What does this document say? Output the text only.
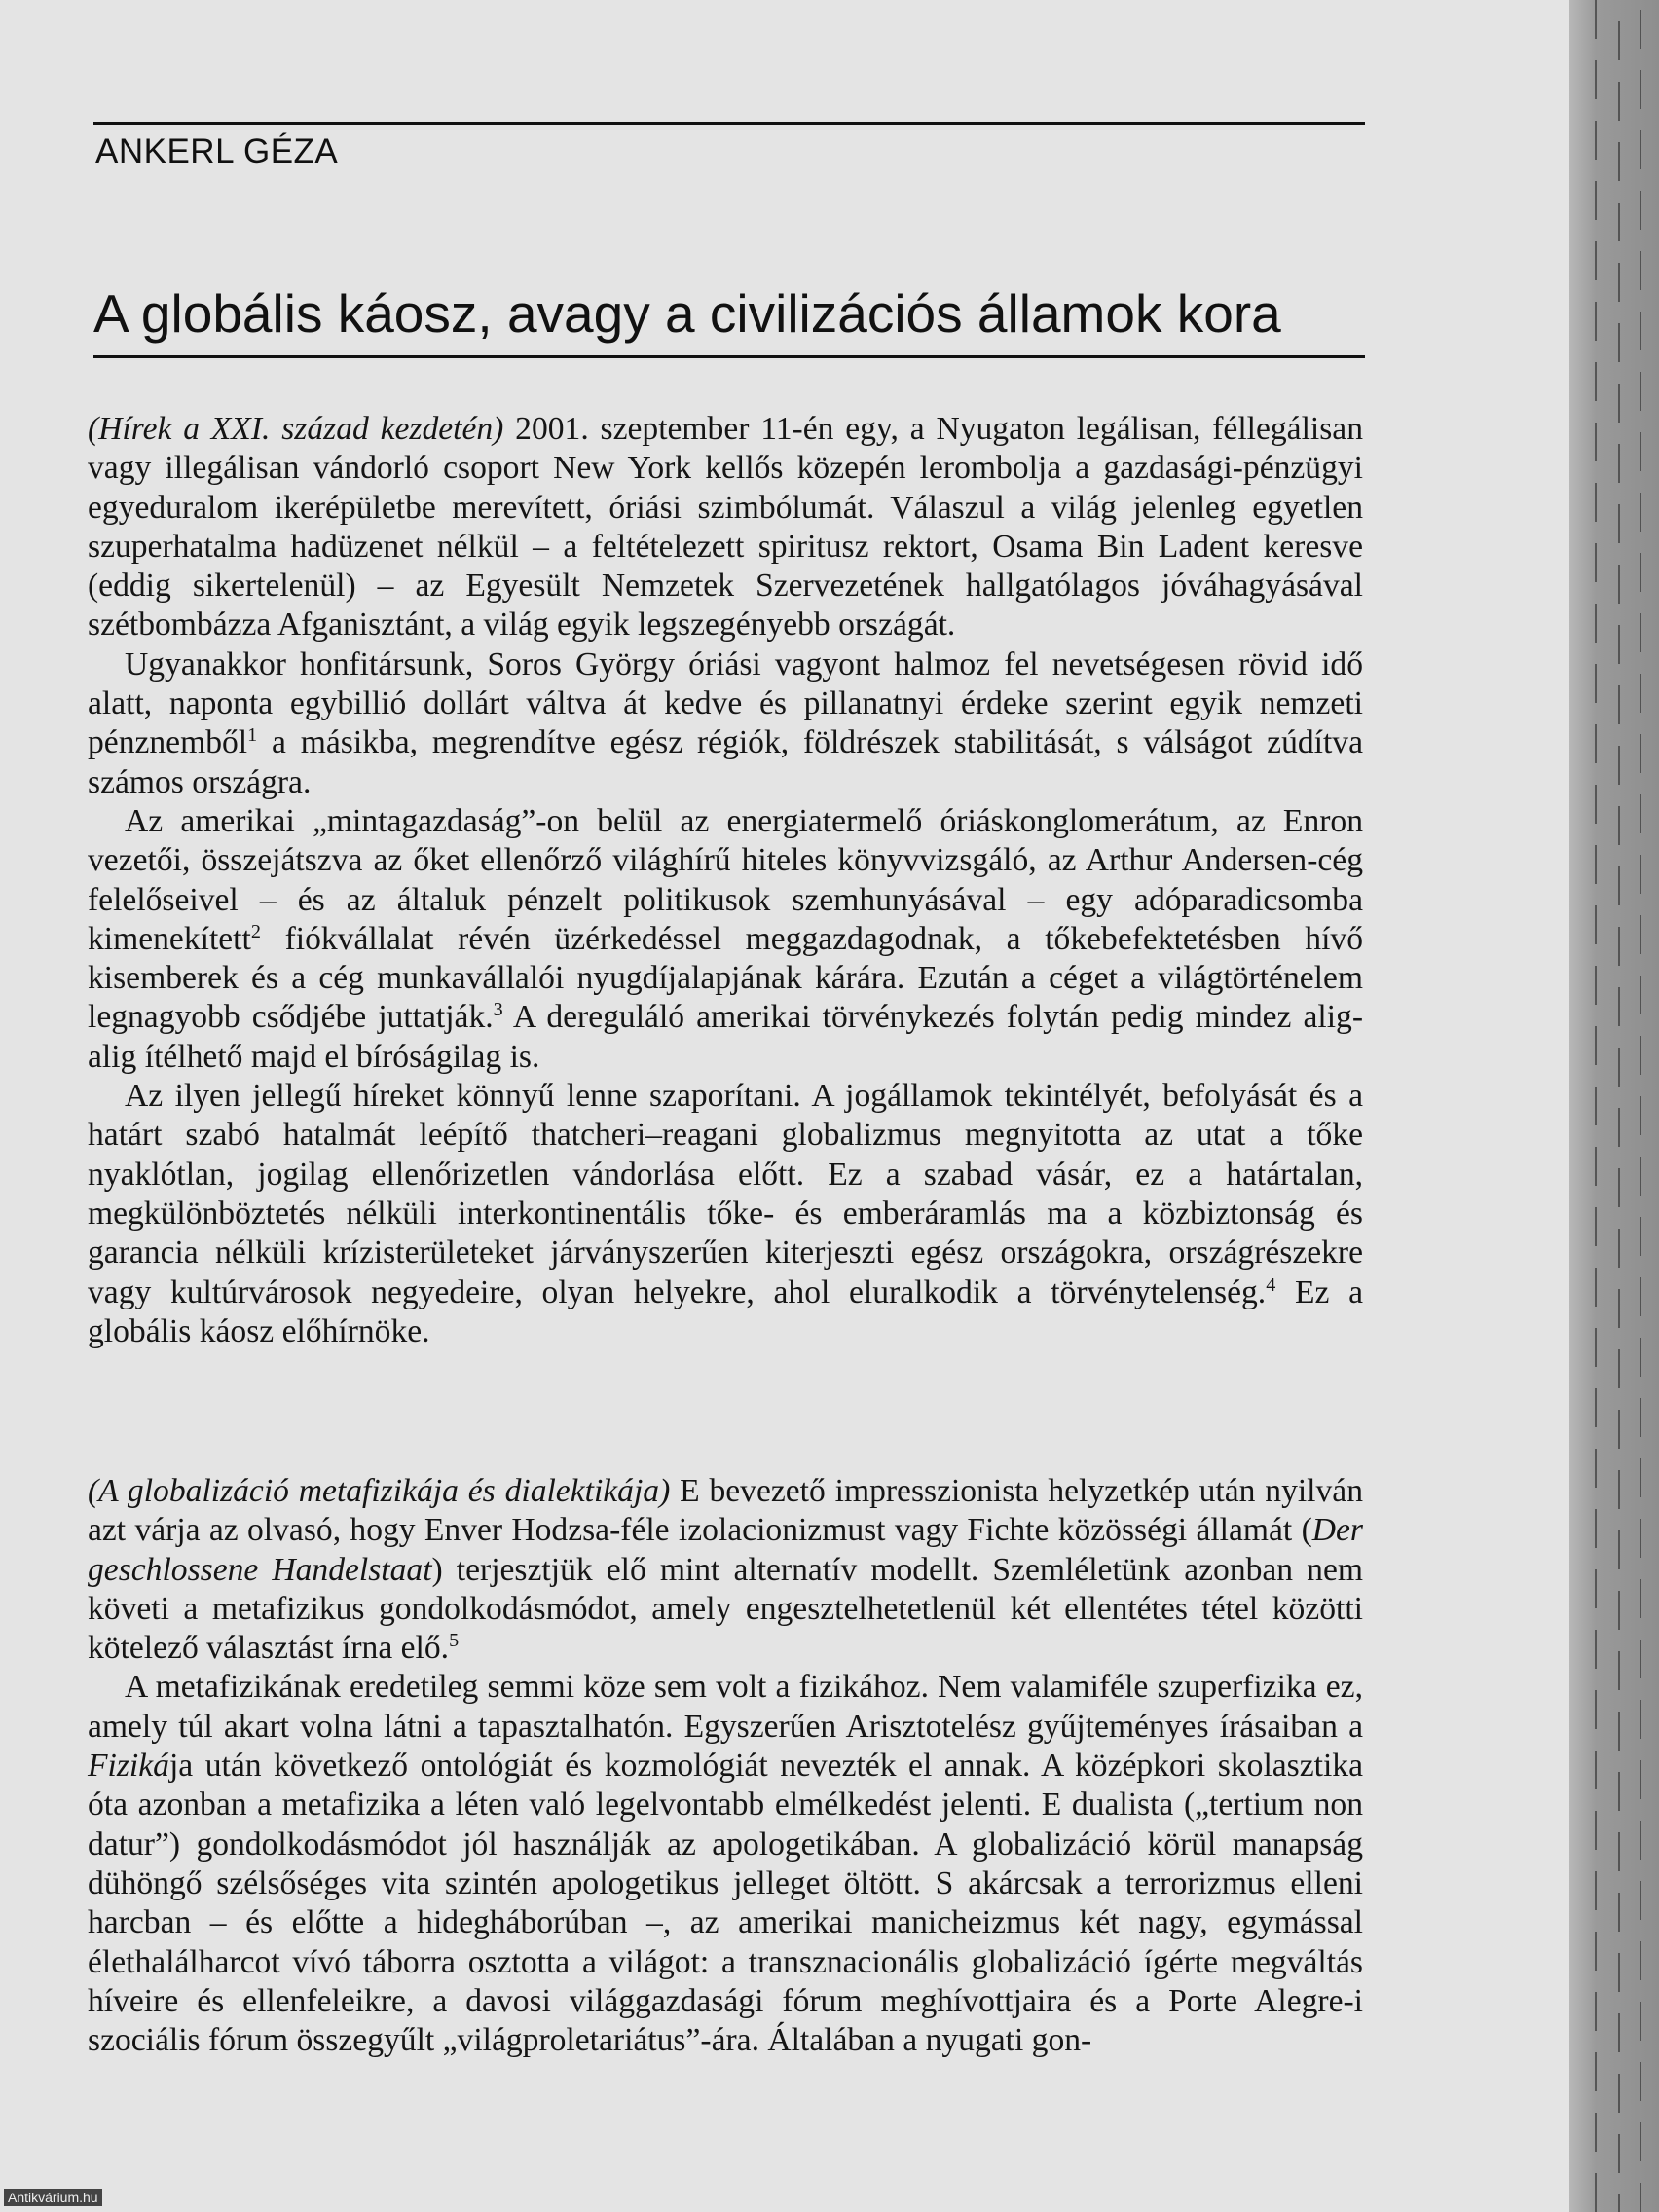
ANKERL GÉZA
A globális káosz, avagy a civilizációs államok kora

(Hírek a XXI. század kezdetén) 2001. szeptember 11-én egy, a Nyugaton legálisan, féllegálisan vagy illegálisan vándorló csoport New York kellős közepén lerombolja a gazdasági-pénzügyi egyeduralom ikerépületbe merevített, óriási szimbólumát. Válaszul a világ jelenleg egyetlen szuperhatalma hadüzenet nélkül – a feltételezett spiritusz rektort, Osama Bin Ladent keresve (eddig sikertelenül) – az Egyesült Nemzetek Szervezetének hallgatólagos jóváhagyásával szétbombázza Afganisztánt, a világ egyik legszegényebb országát.

Ugyanakkor honfitársunk, Soros György óriási vagyont halmoz fel nevetségesen rövid idő alatt, naponta egybillió dollárt váltva át kedve és pillanatnyi érdeke szerint egyik nemzeti pénznemből$^1$ a másikba, megrendítve egész régiók, földrészek stabilitását, s válságot zúdítva számos országra.

Az amerikai „mintagazdaság”-on belül az energiatermelő óriáskonglomerátum, az Enron vezetői, összejátszva az őket ellenőrző világhírű hiteles könyvvizsgáló, az Arthur Andersen-cég felelőseivel – és az általuk pénzelt politikusok szemhunyásával – egy adóparadicsomba kimenekített$^2$ fiókvállalat révén üzérkedéssel meggazdagodnak, a tőkebefektetésben hívő kisemberek és a cég munkavállalói nyugdíjalapjának kárára. Ezután a céget a világtörténelem legnagyobb csődjébe juttatják.$^3$ A dereguláló amerikai törvénykezés folytán pedig mindez alig-alig ítélhető majd el bíróságilag is.

Az ilyen jellegű híreket könnyű lenne szaporítani. A jogállamok tekintélyét, befolyását és a határt szabó hatalmát leépítő thatcheri–reagani globalizmus megnyitotta az utat a tőke nyaklótlan, jogilag ellenőrizetlen vándorlása előtt. Ez a szabad vásár, ez a határtalan, megkülönböztetés nélküli interkontinentális tőke- és emberáramlás ma a közbiztonság és garancia nélküli krízisterületeket járványszerűen kiterjeszti egész országokra, országrészekre vagy kultúrvárosok negyedeire, olyan helyekre, ahol eluralkodik a törvénytelenség.$^4$ Ez a globális káosz előhírnöke.

(A globalizáció metafizikája és dialektikája) E bevezető impresszionista helyzetkép után nyilván azt várja az olvasó, hogy Enver Hodzsa-féle izolacionizmust vagy Fichte közösségi államát (Der geschlossene Handelstaat) terjesztjük elő mint alternatív modellt. Szemléletünk azonban nem követi a metafizikus gondolkodásmódot, amely engesztelhetetlenül két ellentétes tétel közötti kötelező választást írna elő.$^5$

A metafizikának eredetileg semmi köze sem volt a fizikához. Nem valamiféle szuperfizika ez, amely túl akart volna látni a tapasztalhatón. Egyszerűen Arisztotelész gyűjteményes írásaiban a Fizikája után következő ontológiát és kozmológiát nevezték el annak. A középkori skolasztika óta azonban a metafizika a léten való legelvontabb elmélkedést jelenti. E dualista („tertium non datur”) gondolkodásmódot jól használják az apologetikában. A globalizáció körül manapság dühöngő szélsőséges vita szintén apologetikus jelleget öltött. S akárcsak a terrorizmus elleni harcban – és előtte a hidegháborúban –, az amerikai manicheizmus két nagy, egymással élethalálharcot vívó táborra osztotta a világot: a transznacionális globalizáció ígérte megváltás híveire és ellenfeleikre, a davosi világgazdasági fórum meghívottjaira és a Porte Alegre-i szociális fórum összegyűlt „világproletariátus”-ára. Általában a nyugati gon-

Antikvárium.hu
